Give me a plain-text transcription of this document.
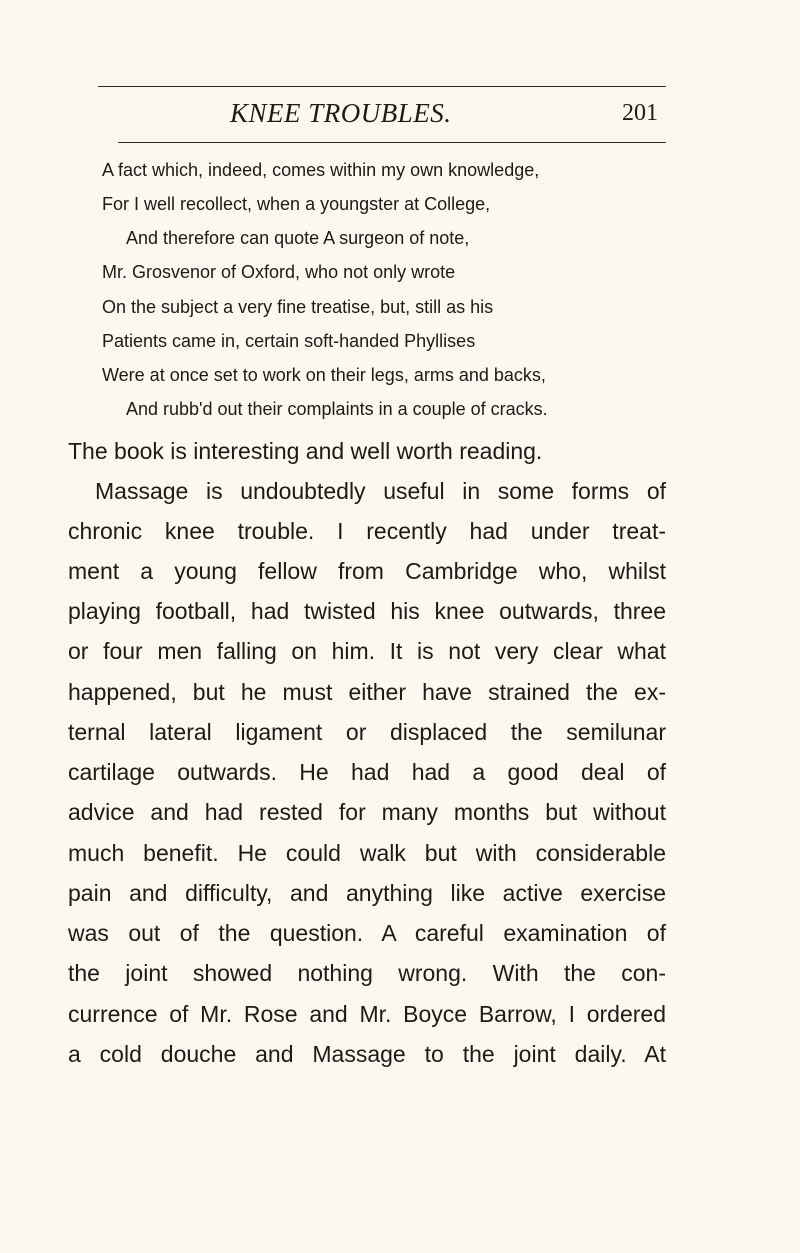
KNEE TROUBLES.	201
A fact which, indeed, comes within my own knowledge,
For I well recollect, when a youngster at College,
And therefore can quote A surgeon of note,
Mr. Grosvenor of Oxford, who not only wrote
On the subject a very fine treatise, but, still as his
Patients came in, certain soft-handed Phyllises
Were at once set to work on their legs, arms and backs,
And rubb'd out their complaints in a couple of cracks.
The book is interesting and well worth reading.
Massage is undoubtedly useful in some forms of
chronic knee trouble. I recently had under treat-
ment a young fellow from Cambridge who, whilst
playing football, had twisted his knee outwards, three
or four men falling on him. It is not very clear what
happened, but he must either have strained the ex-
ternal lateral ligament or displaced the semilunar
cartilage outwards. He had had a good deal of
advice and had rested for many months but without
much benefit. He could walk but with considerable
pain and difficulty, and anything like active exercise
was out of the question. A careful examination of
the joint showed nothing wrong. With the con-
currence of Mr. Rose and Mr. Boyce Barrow, I ordered
a cold douche and Massage to the joint daily. At
